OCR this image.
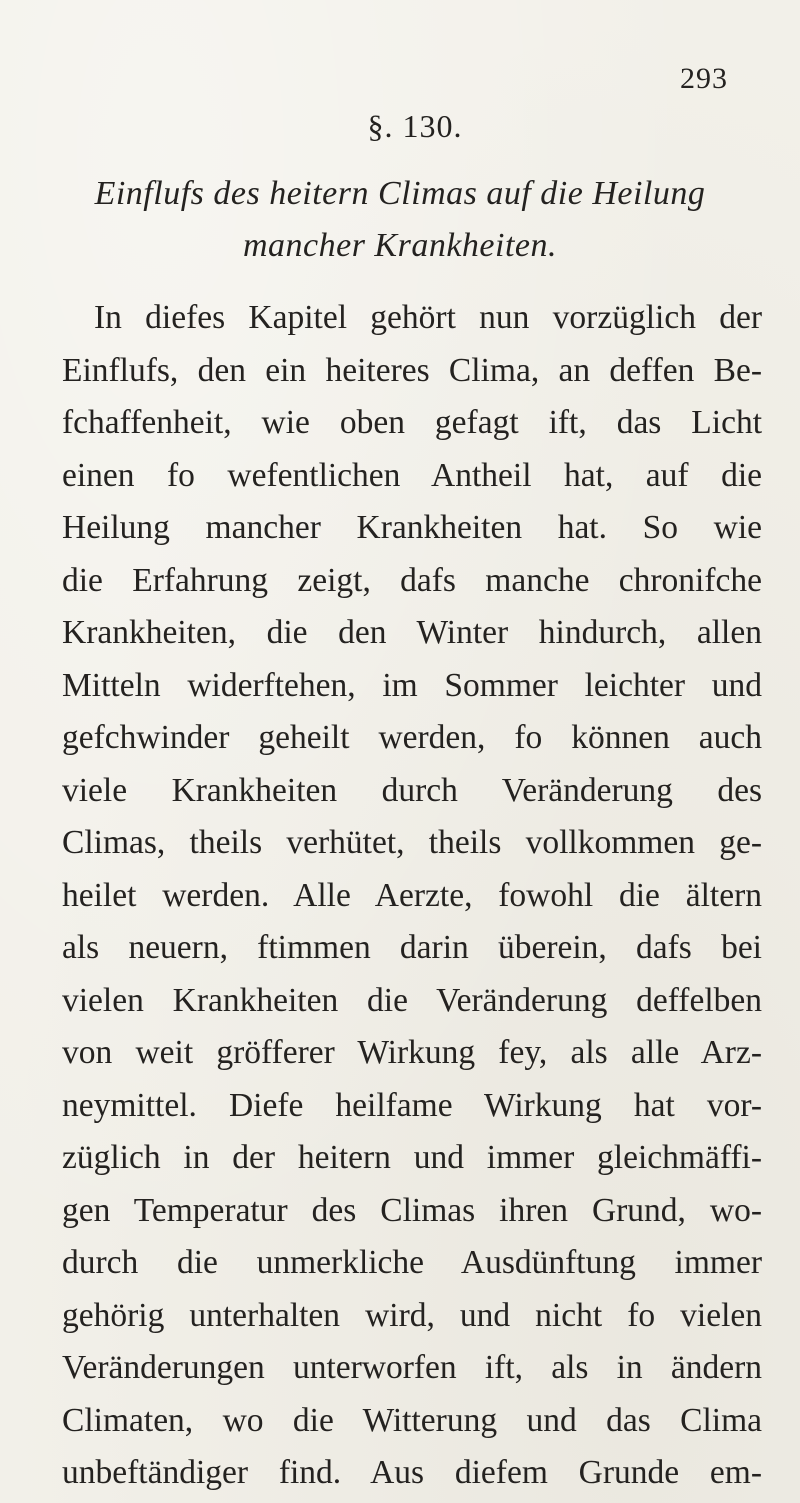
293
§. 130.
Einflufs des heitern Climas auf die Heilung
mancher Krankheiten.
In diefes Kapitel gehört nun vorzüglich der
Einflufs, den ein heiteres Clima, an deffen Be-
fchaffenheit, wie oben gefagt ift, das Licht
einen fo wefentlichen Antheil hat, auf die
Heilung mancher Krankheiten hat. So wie
die Erfahrung zeigt, dafs manche chronifche
Krankheiten, die den Winter hindurch, allen
Mitteln widerftehen, im Sommer leichter und
gefchwinder geheilt werden, fo können auch
viele Krankheiten durch Veränderung des
Climas, theils verhütet, theils vollkommen ge-
heilet werden. Alle Aerzte, fowohl die ältern
als neuern, ftimmen darin überein, dafs bei
vielen Krankheiten die Veränderung deffelben
von weit gröfferer Wirkung fey, als alle Arz-
neymittel. Diefe heilfame Wirkung hat vor-
züglich in der heitern und immer gleichmäffi-
gen Temperatur des Climas ihren Grund, wo-
durch die unmerkliche Ausdünftung immer
gehörig unterhalten wird, und nicht fo vielen
Veränderungen unterworfen ift, als in ändern
Climaten, wo die Witterung und das Clima
unbeftändiger find. Aus diefem Grunde em-
